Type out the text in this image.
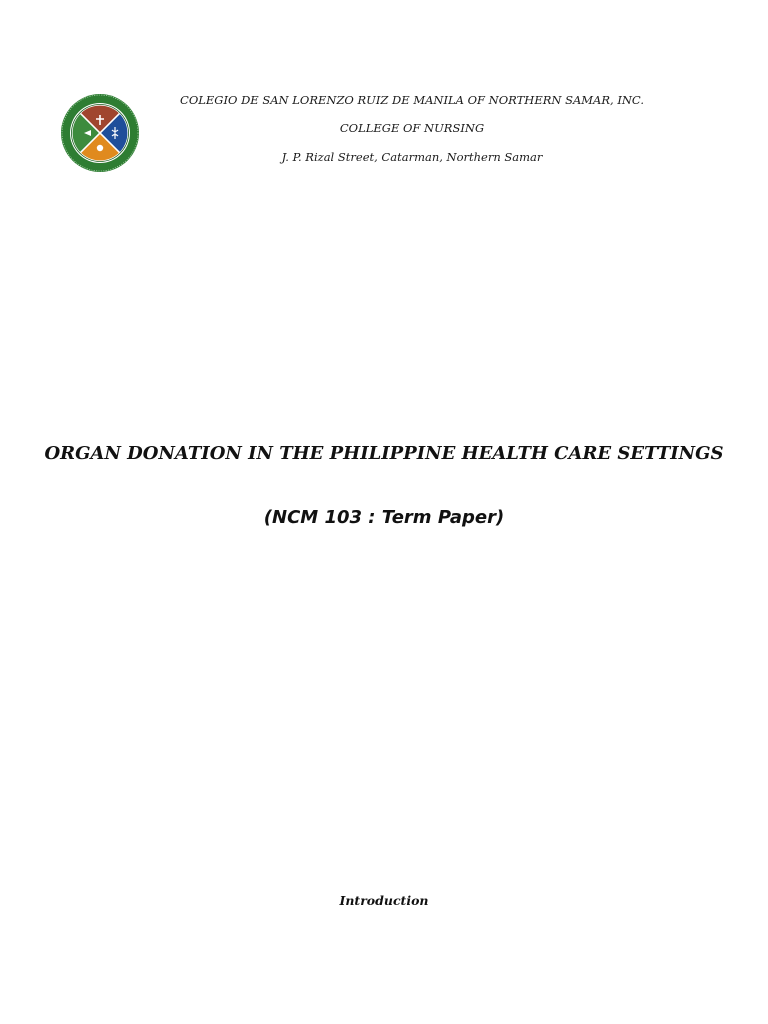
COLEGIO DE SAN LORENZO RUIZ DE MANILA OF NORTHERN SAMAR, INC.
COLLEGE OF NURSING
J. P. Rizal Street, Catarman, Northern Samar
ORGAN DONATION IN THE PHILIPPINE HEALTH CARE SETTINGS
(NCM 103 : Term Paper)
Introduction
